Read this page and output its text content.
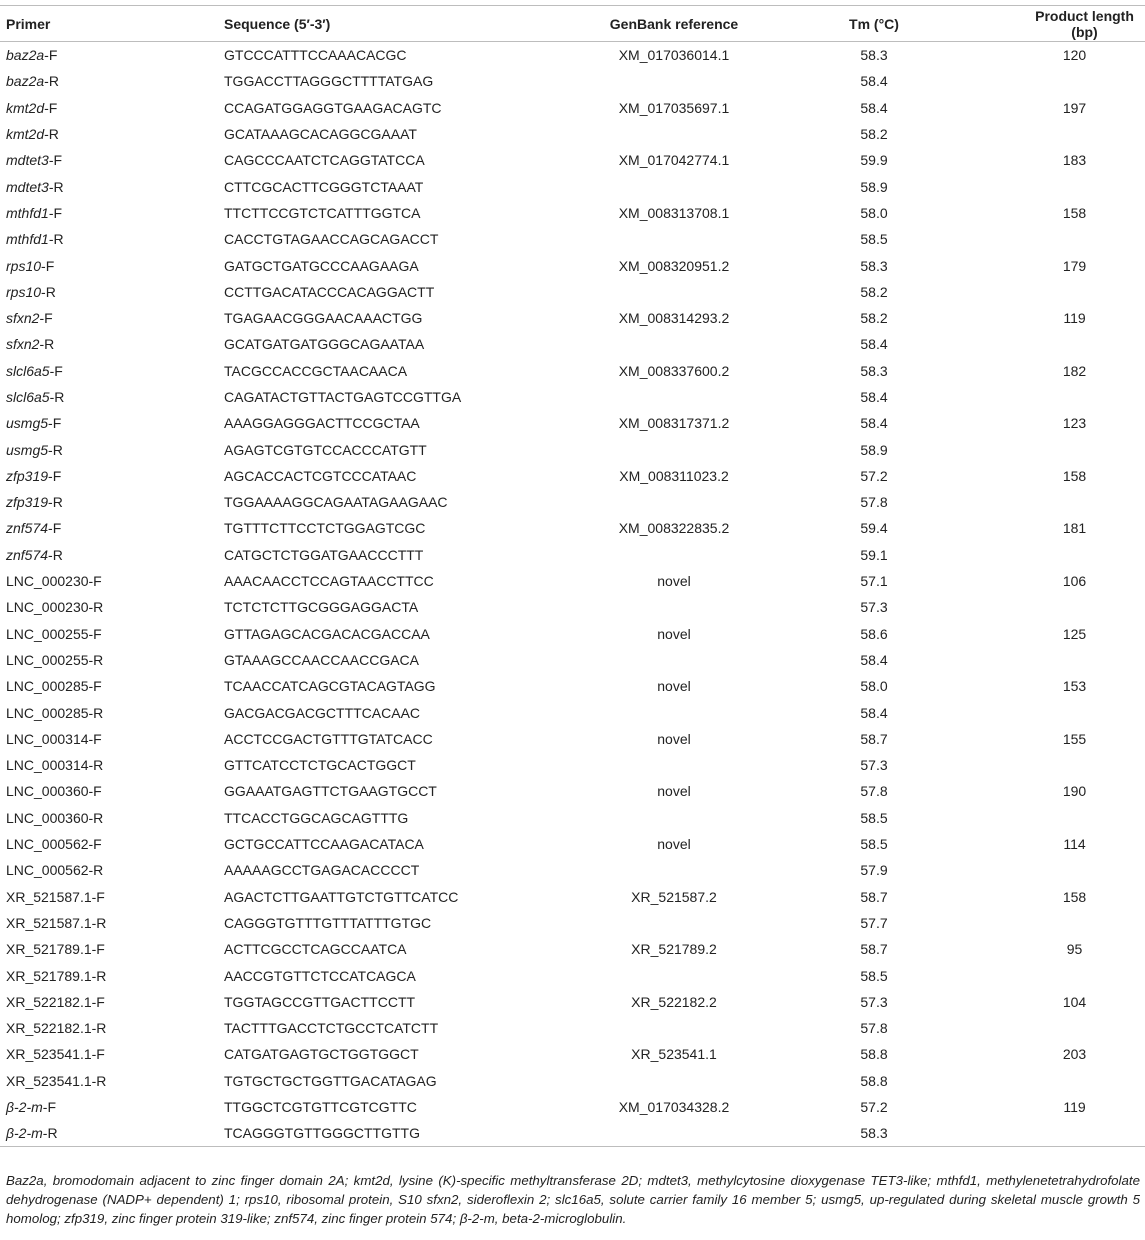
Primer	Sequence (5′-3′)	GenBank reference	Tm (°C)	Product length (bp)
baz2a-F	GTCCCATTTCCAAACACGC	XM_017036014.1	58.3	120
baz2a-R	TGGACCTTAGGGCTTTTATGAG		58.4	
kmt2d-F	CCAGATGGAGGTGAAGACAGTC	XM_017035697.1	58.4	197
kmt2d-R	GCATAAAGCACAGGCGAAAT		58.2	
mdtet3-F	CAGCCCAATCTCAGGTATCCA	XM_017042774.1	59.9	183
mdtet3-R	CTTCGCACTTCGGGTCTAAAT		58.9	
mthfd1-F	TTCTTCCGTCTCATTTGGTCA	XM_008313708.1	58.0	158
mthfd1-R	CACCTGTAGAACCAGCAGACCT		58.5	
rps10-F	GATGCTGATGCCCAAGAAGA	XM_008320951.2	58.3	179
rps10-R	CCTTGACATACCCACAGGACTT		58.2	
sfxn2-F	TGAGAACGGGAACAAACTGG	XM_008314293.2	58.2	119
sfxn2-R	GCATGATGATGGGCAGAATAA		58.4	
slcl6a5-F	TACGCCACCGCTAACAACA	XM_008337600.2	58.3	182
slcl6a5-R	CAGATACTGTTACTGAGTCCGTTGA		58.4	
usmg5-F	AAAGGAGGGACTTCCGCTAA	XM_008317371.2	58.4	123
usmg5-R	AGAGTCGTGTCCACCCATGTT		58.9	
zfp319-F	AGCACCACTCGTCCCATAAC	XM_008311023.2	57.2	158
zfp319-R	TGGAAAAGGCAGAATAGAAGAAC		57.8	
znf574-F	TGTTTCTTCCTCTGGAGTCGC	XM_008322835.2	59.4	181
znf574-R	CATGCTCTGGATGAACCCTTT		59.1	
LNC_000230-F	AAACAACCTCCAGTAACCTTCC	novel	57.1	106
LNC_000230-R	TCTCTCTTGCGGGAGGACTA		57.3	
LNC_000255-F	GTTAGAGCACGACACGACCAA	novel	58.6	125
LNC_000255-R	GTAAAGCCAACCAACCGACA		58.4	
LNC_000285-F	TCAACCATCAGCGTACAGTAGG	novel	58.0	153
LNC_000285-R	GACGACGACGCTTTCACAAC		58.4	
LNC_000314-F	ACCTCCGACTGTTTGTATCACC	novel	58.7	155
LNC_000314-R	GTTCATCCTCTGCACTGGCT		57.3	
LNC_000360-F	GGAAATGAGTTCTGAAGTGCCT	novel	57.8	190
LNC_000360-R	TTCACCTGGCAGCAGTTTG		58.5	
LNC_000562-F	GCTGCCATTCCAAGACATACA	novel	58.5	114
LNC_000562-R	AAAAAGCCTGAGACACCCCT		57.9	
XR_521587.1-F	AGACTCTTGAATTGTCTGTTCATCC	XR_521587.2	58.7	158
XR_521587.1-R	CAGGGTGTTTGTTTATTTGTGC		57.7	
XR_521789.1-F	ACTTCGCCTCAGCCAATCA	XR_521789.2	58.7	95
XR_521789.1-R	AACCGTGTTCTCCATCAGCA		58.5	
XR_522182.1-F	TGGTAGCCGTTGACTTCCTT	XR_522182.2	57.3	104
XR_522182.1-R	TACTTTGACCTCTGCCTCATCTT		57.8	
XR_523541.1-F	CATGATGAGTGCTGGTGGCT	XR_523541.1	58.8	203
XR_523541.1-R	TGTGCTGCTGGTTGACATAGAG		58.8	
β-2-m-F	TTGGCTCGTGTTCGTCGTTC	XM_017034328.2	57.2	119
β-2-m-R	TCAGGGTGTTGGGCTTGTTG		58.3	
Baz2a, bromodomain adjacent to zinc finger domain 2A; kmt2d, lysine (K)-specific methyltransferase 2D; mdtet3, methylcytosine dioxygenase TET3-like; mthfd1, methylenetetrahydrofolate dehydrogenase (NADP+ dependent) 1; rps10, ribosomal protein, S10 sfxn2, sideroflexin 2; slc16a5, solute carrier family 16 member 5; usmg5, up-regulated during skeletal muscle growth 5 homolog; zfp319, zinc finger protein 319-like; znf574, zinc finger protein 574; β-2-m, beta-2-microglobulin.
